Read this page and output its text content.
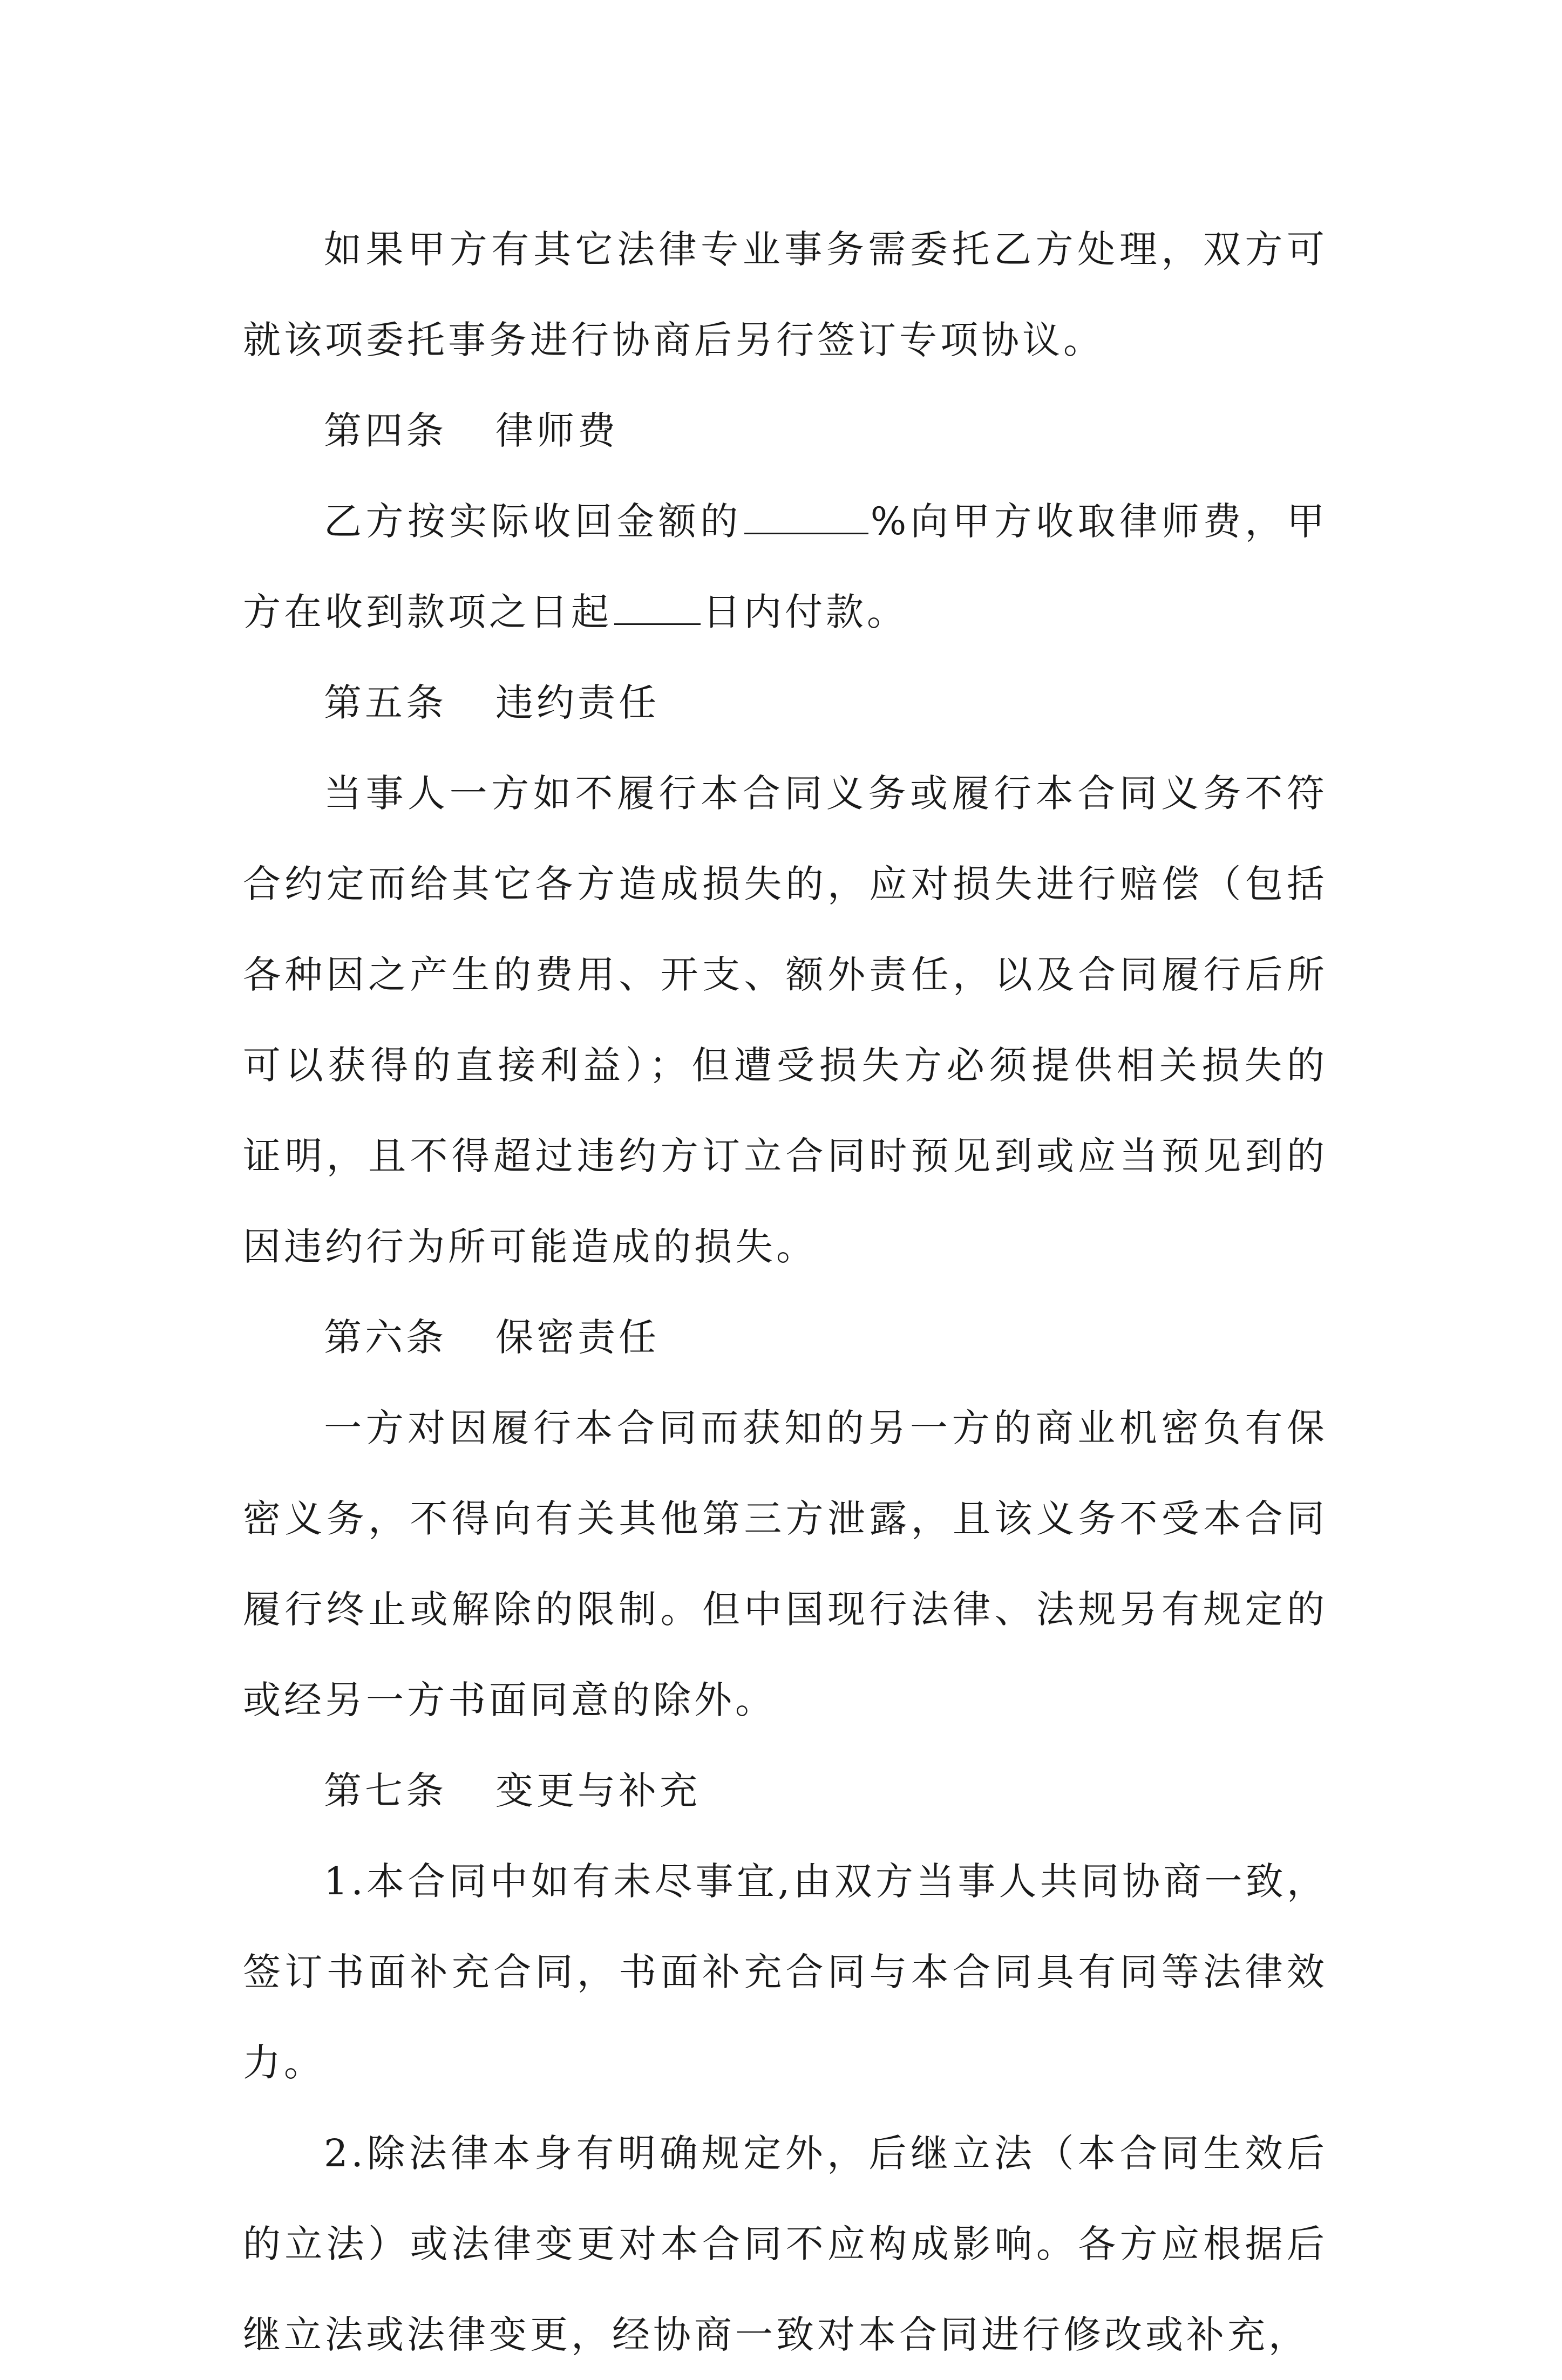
如果甲方有其它法律专业事务需委托乙方处理，双方可就该项委托事务进行协商后另行签订专项协议。

第四条 律师费

乙方按实际收回金额的	%向甲方收取律师费，甲方在收到款项之日起 日内付款。

第五条 违约责任

当事人一方如不履行本合同义务或履行本合同义务不符合约定而给其它各方造成损失的，应对损失进行赔偿（包括各种因之产生的费用、开支、额外责任，以及合同履行后所可以获得的直接利益）；但遭受损失方必须提供相关损失的证明，且不得超过违约方订立合同时预见到或应当预见到的因违约行为所可能造成的损失。

第六条 保密责任

一方对因履行本合同而获知的另一方的商业机密负有保密义务，不得向有关其他第三方泄露，且该义务不受本合同履行终止或解除的限制。但中国现行法律、法规另有规定的或经另一方书面同意的除外。

第七条 变更与补充

1.本合同中如有未尽事宜,由双方当事人共同协商一致，签订书面补充合同，书面补充合同与本合同具有同等法律效力。

2.除法律本身有明确规定外，后继立法（本合同生效后的立法）或法律变更对本合同不应构成影响。各方应根据后继立法或法律变更，经协商一致对本合同进行修改或补充，
